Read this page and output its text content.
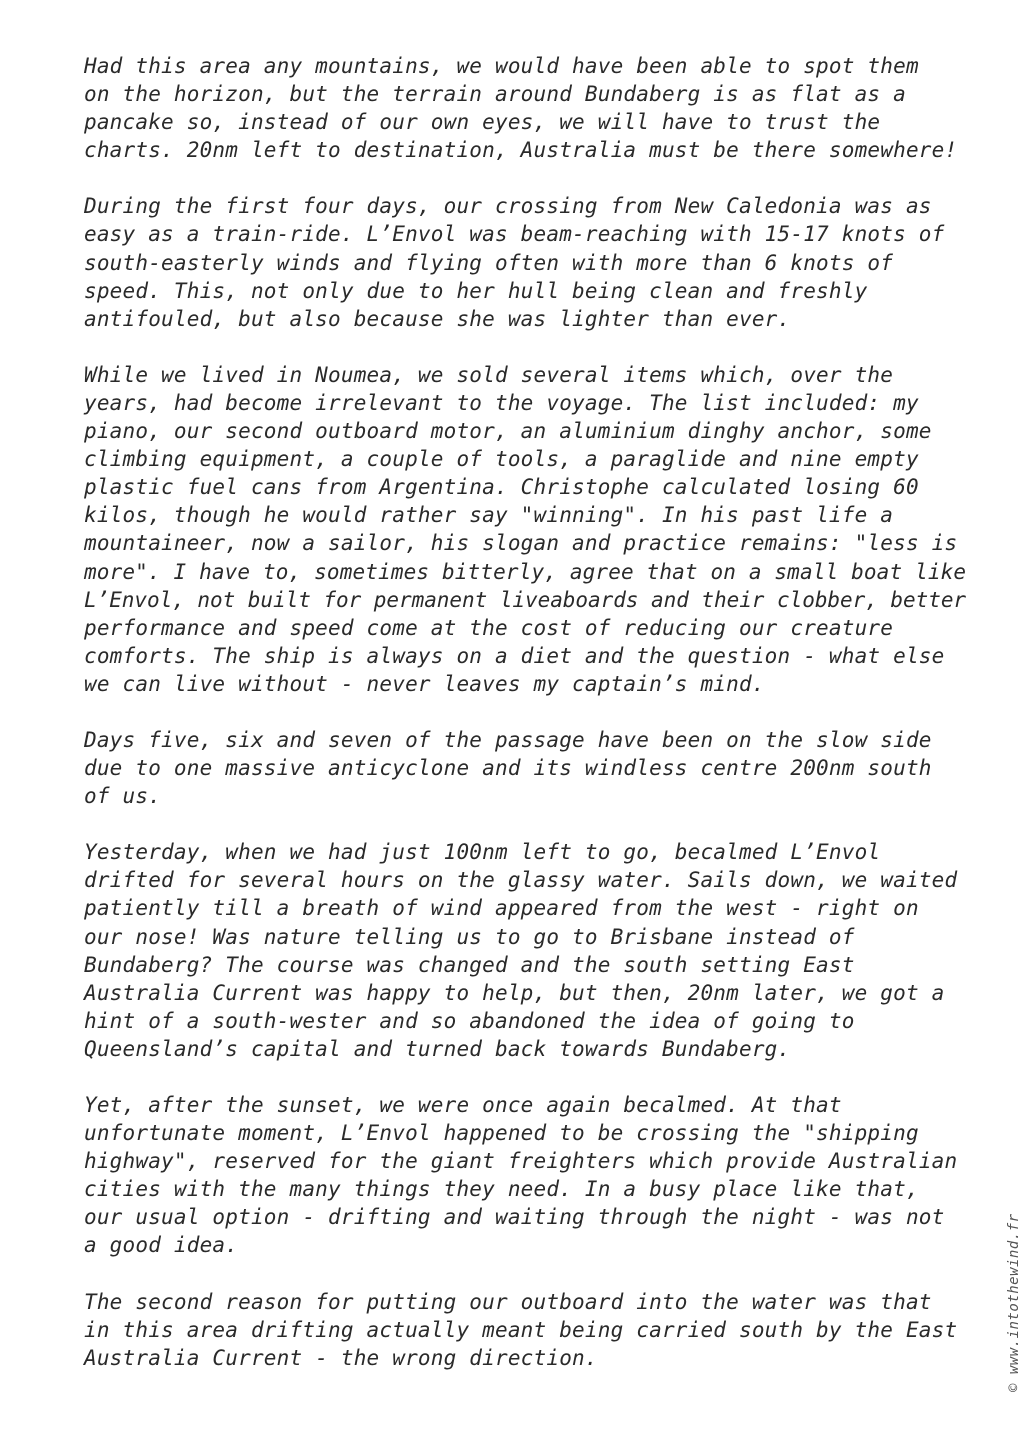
Had this area any mountains, we would have been able to spot them
on the horizon, but the terrain around Bundaberg is as flat as a
pancake so, instead of our own eyes, we will have to trust the
charts. 20nm left to destination, Australia must be there somewhere!
During the first four days, our crossing from New Caledonia was as
easy as a train-ride. L’Envol was beam-reaching with 15-17 knots of
south-easterly winds and flying often with more than 6 knots of
speed. This, not only due to her hull being clean and freshly
antifouled, but also because she was lighter than ever.
While we lived in Noumea, we sold several items which, over the
years, had become irrelevant to the voyage. The list included: my
piano, our second outboard motor, an aluminium dinghy anchor, some
climbing equipment, a couple of tools, a paraglide and nine empty
plastic fuel cans from Argentina. Christophe calculated losing 60
kilos, though he would rather say "winning". In his past life a
mountaineer, now a sailor, his slogan and practice remains: "less is
more". I have to, sometimes bitterly, agree that on a small boat like
L’Envol, not built for permanent liveaboards and their clobber, better
performance and speed come at the cost of reducing our creature
comforts. The ship is always on a diet and the question - what else
we can live without - never leaves my captain’s mind.
Days five, six and seven of the passage have been on the slow side
due to one massive anticyclone and its windless centre 200nm south
of us.
Yesterday, when we had just 100nm left to go, becalmed L’Envol
drifted for several hours on the glassy water. Sails down, we waited
patiently till a breath of wind appeared from the west - right on
our nose! Was nature telling us to go to Brisbane instead of
Bundaberg? The course was changed and the south setting East
Australia Current was happy to help, but then, 20nm later, we got a
hint of a south-wester and so abandoned the idea of going to
Queensland’s capital and turned back towards Bundaberg.
Yet, after the sunset, we were once again becalmed. At that
unfortunate moment, L’Envol happened to be crossing the "shipping
highway", reserved for the giant freighters which provide Australian
cities with the many things they need. In a busy place like that,
our usual option - drifting and waiting through the night - was not
a good idea.
The second reason for putting our outboard into the water was that
in this area drifting actually meant being carried south by the East
Australia Current - the wrong direction.	© www.intothewind.fr
